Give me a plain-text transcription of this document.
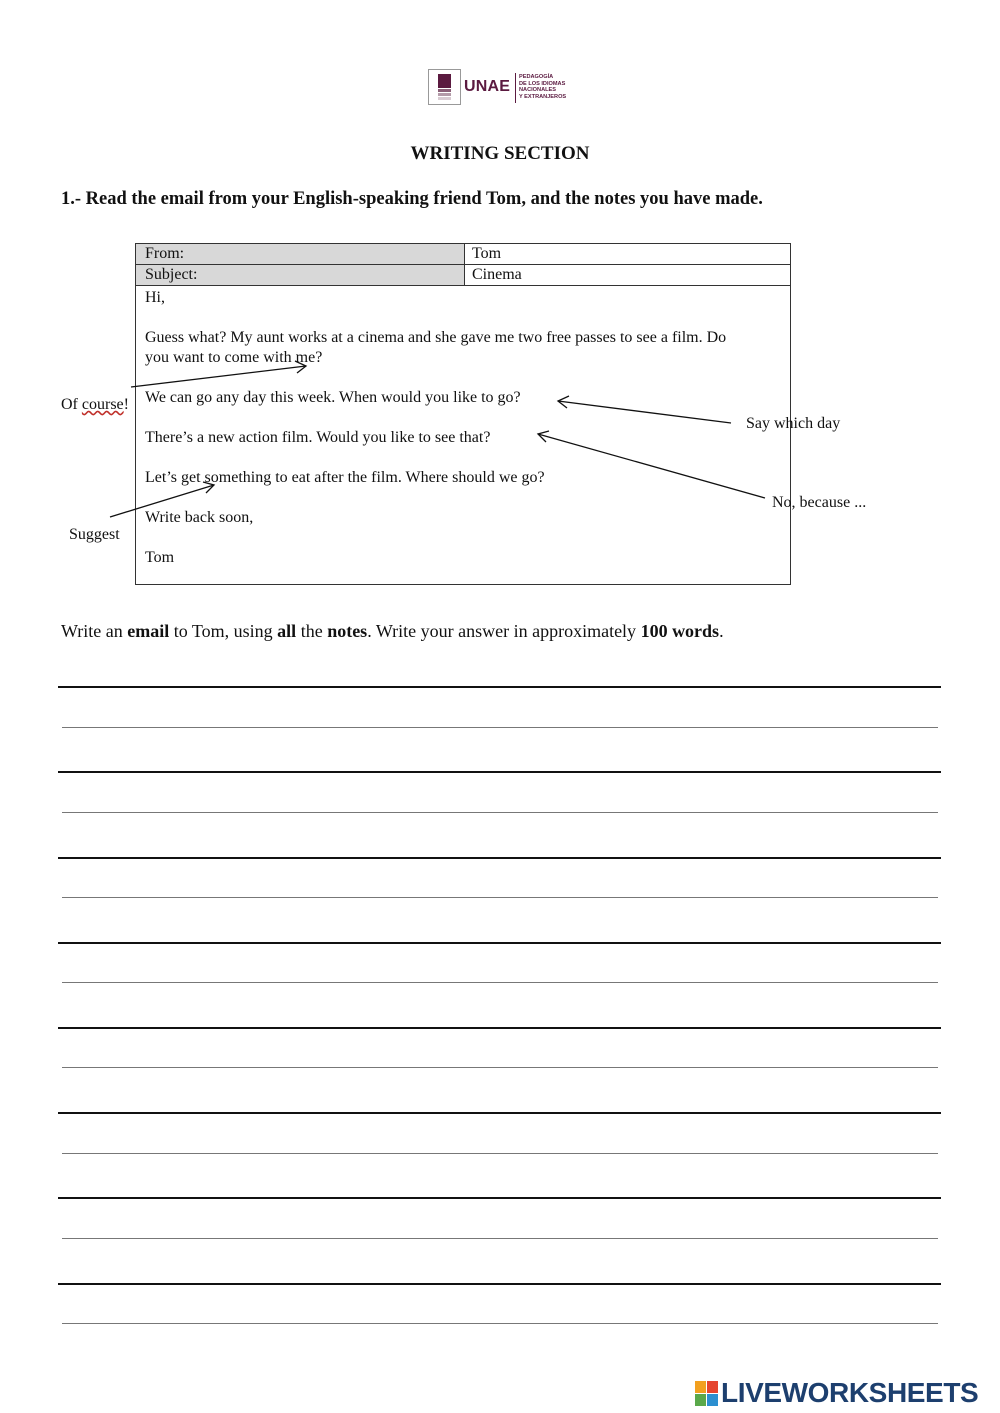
UNAE
PEDAGOGÍA
DE LOS IDIOMAS
NACIONALES
Y EXTRANJEROS
WRITING SECTION
1.- Read the email from your English-speaking friend Tom, and the notes you have made.
From:	Tom
Subject:	Cinema
Hi,
Guess what? My aunt works at a cinema and she gave me two free passes to see a film. Do
you want to come with me?
We can go any day this week. When would you like to go?
There’s a new action film. Would you like to see that?
Let’s get something to eat after the film. Where should we go?
Write back soon,
Tom
Of course!
Say which day
No, because ...
Suggest
Write an email to Tom, using all the notes. Write your answer in approximately 100 words.
LIVEWORKSHEETS
